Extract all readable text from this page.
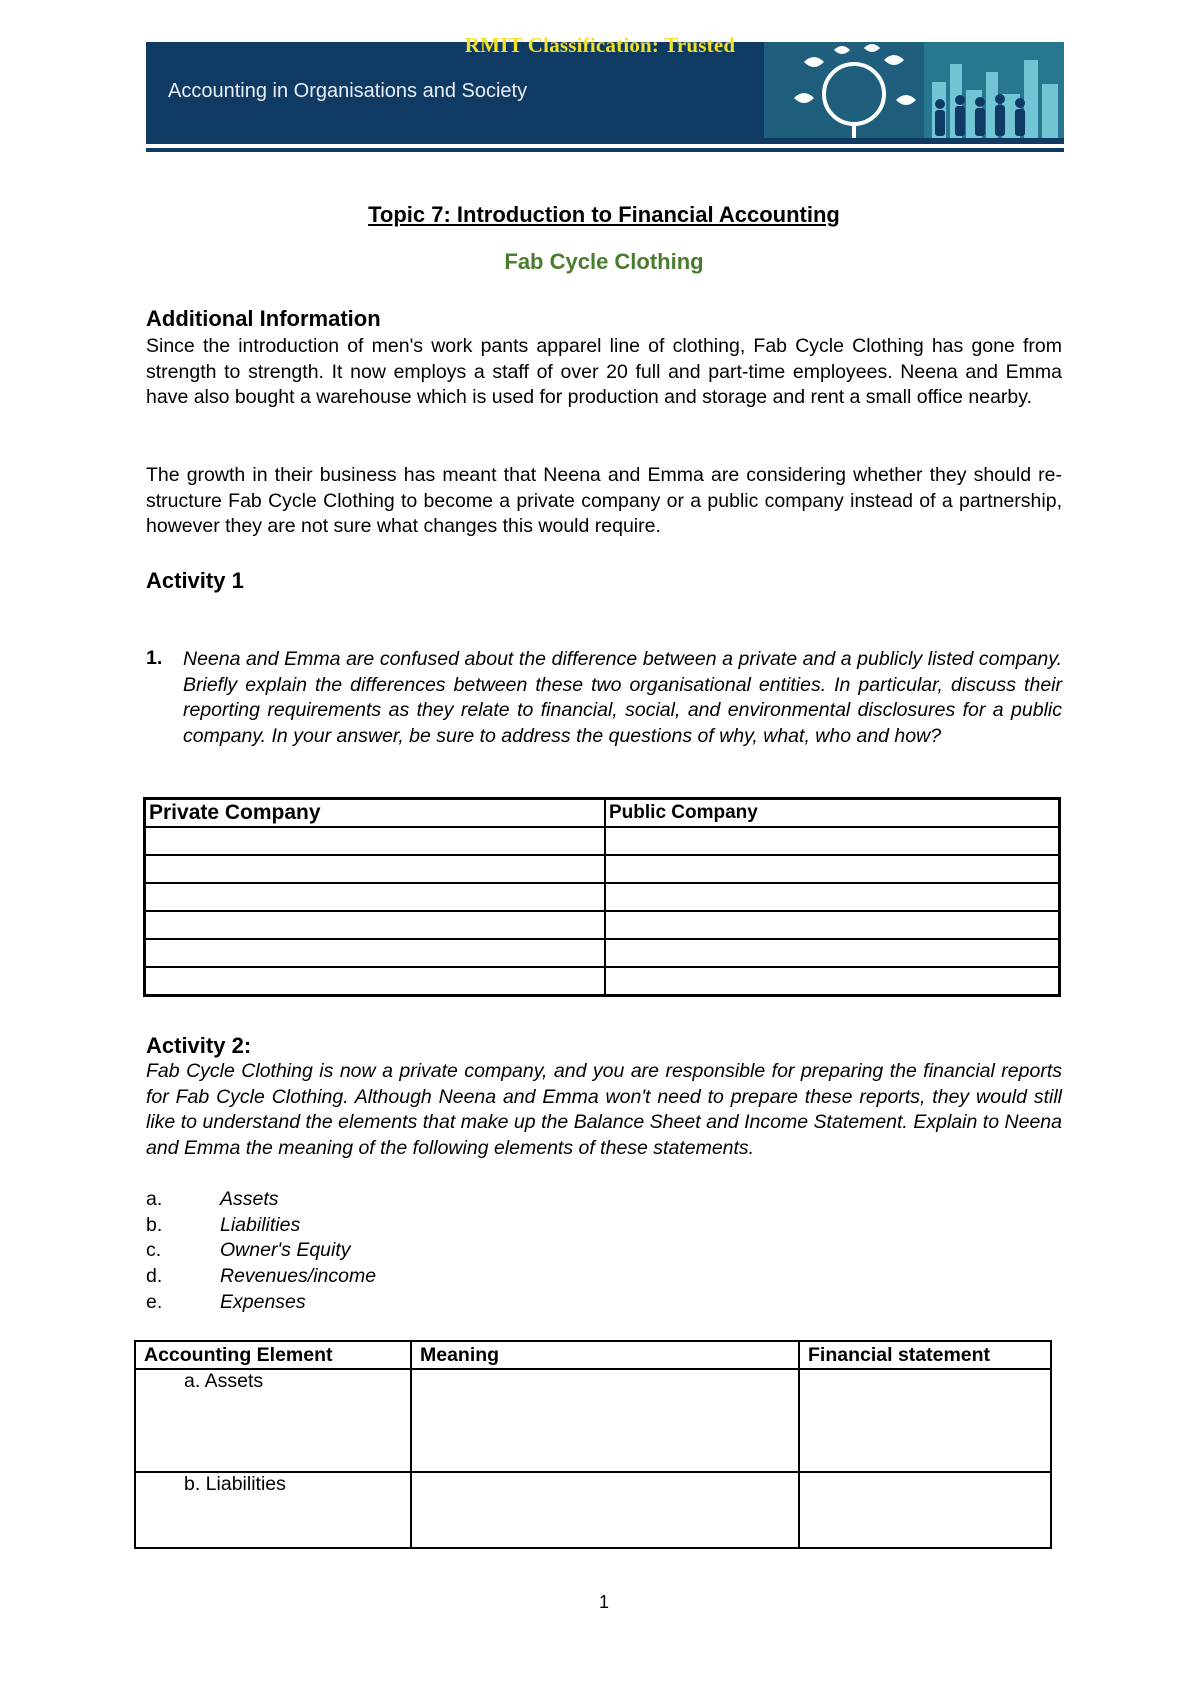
Accounting in Organisations and Society
RMIT Classification: Trusted
Topic 7: Introduction to Financial Accounting
Fab Cycle Clothing
Additional Information

Since the introduction of men's work pants apparel line of clothing, Fab Cycle Clothing has gone from strength to strength. It now employs a staff of over 20 full and part-time employees. Neena and Emma have also bought a warehouse which is used for production and storage and rent a small office nearby.

The growth in their business has meant that Neena and Emma are considering whether they should re-structure Fab Cycle Clothing to become a private company or a public company instead of a partnership, however they are not sure what changes this would require.

Activity 1
1. Neena and Emma are confused about the difference between a private and a publicly listed company. Briefly explain the differences between these two organisational entities. In particular, discuss their reporting requirements as they relate to financial, social, and environmental disclosures for a public company. In your answer, be sure to address the questions of why, what, who and how?

Private Company	Public Company

Activity 2:

Fab Cycle Clothing is now a private company, and you are responsible for preparing the financial reports for Fab Cycle Clothing. Although Neena and Emma won't need to prepare these reports, they would still like to understand the elements that make up the Balance Sheet and Income Statement. Explain to Neena and Emma the meaning of the following elements of these statements.

a.	Assets
b.	Liabilities
c.	Owner's Equity
d.	Revenues/income
e.	Expenses
Accounting Element	Meaning	Financial statement
a. Assets		
b. Liabilities		
1
